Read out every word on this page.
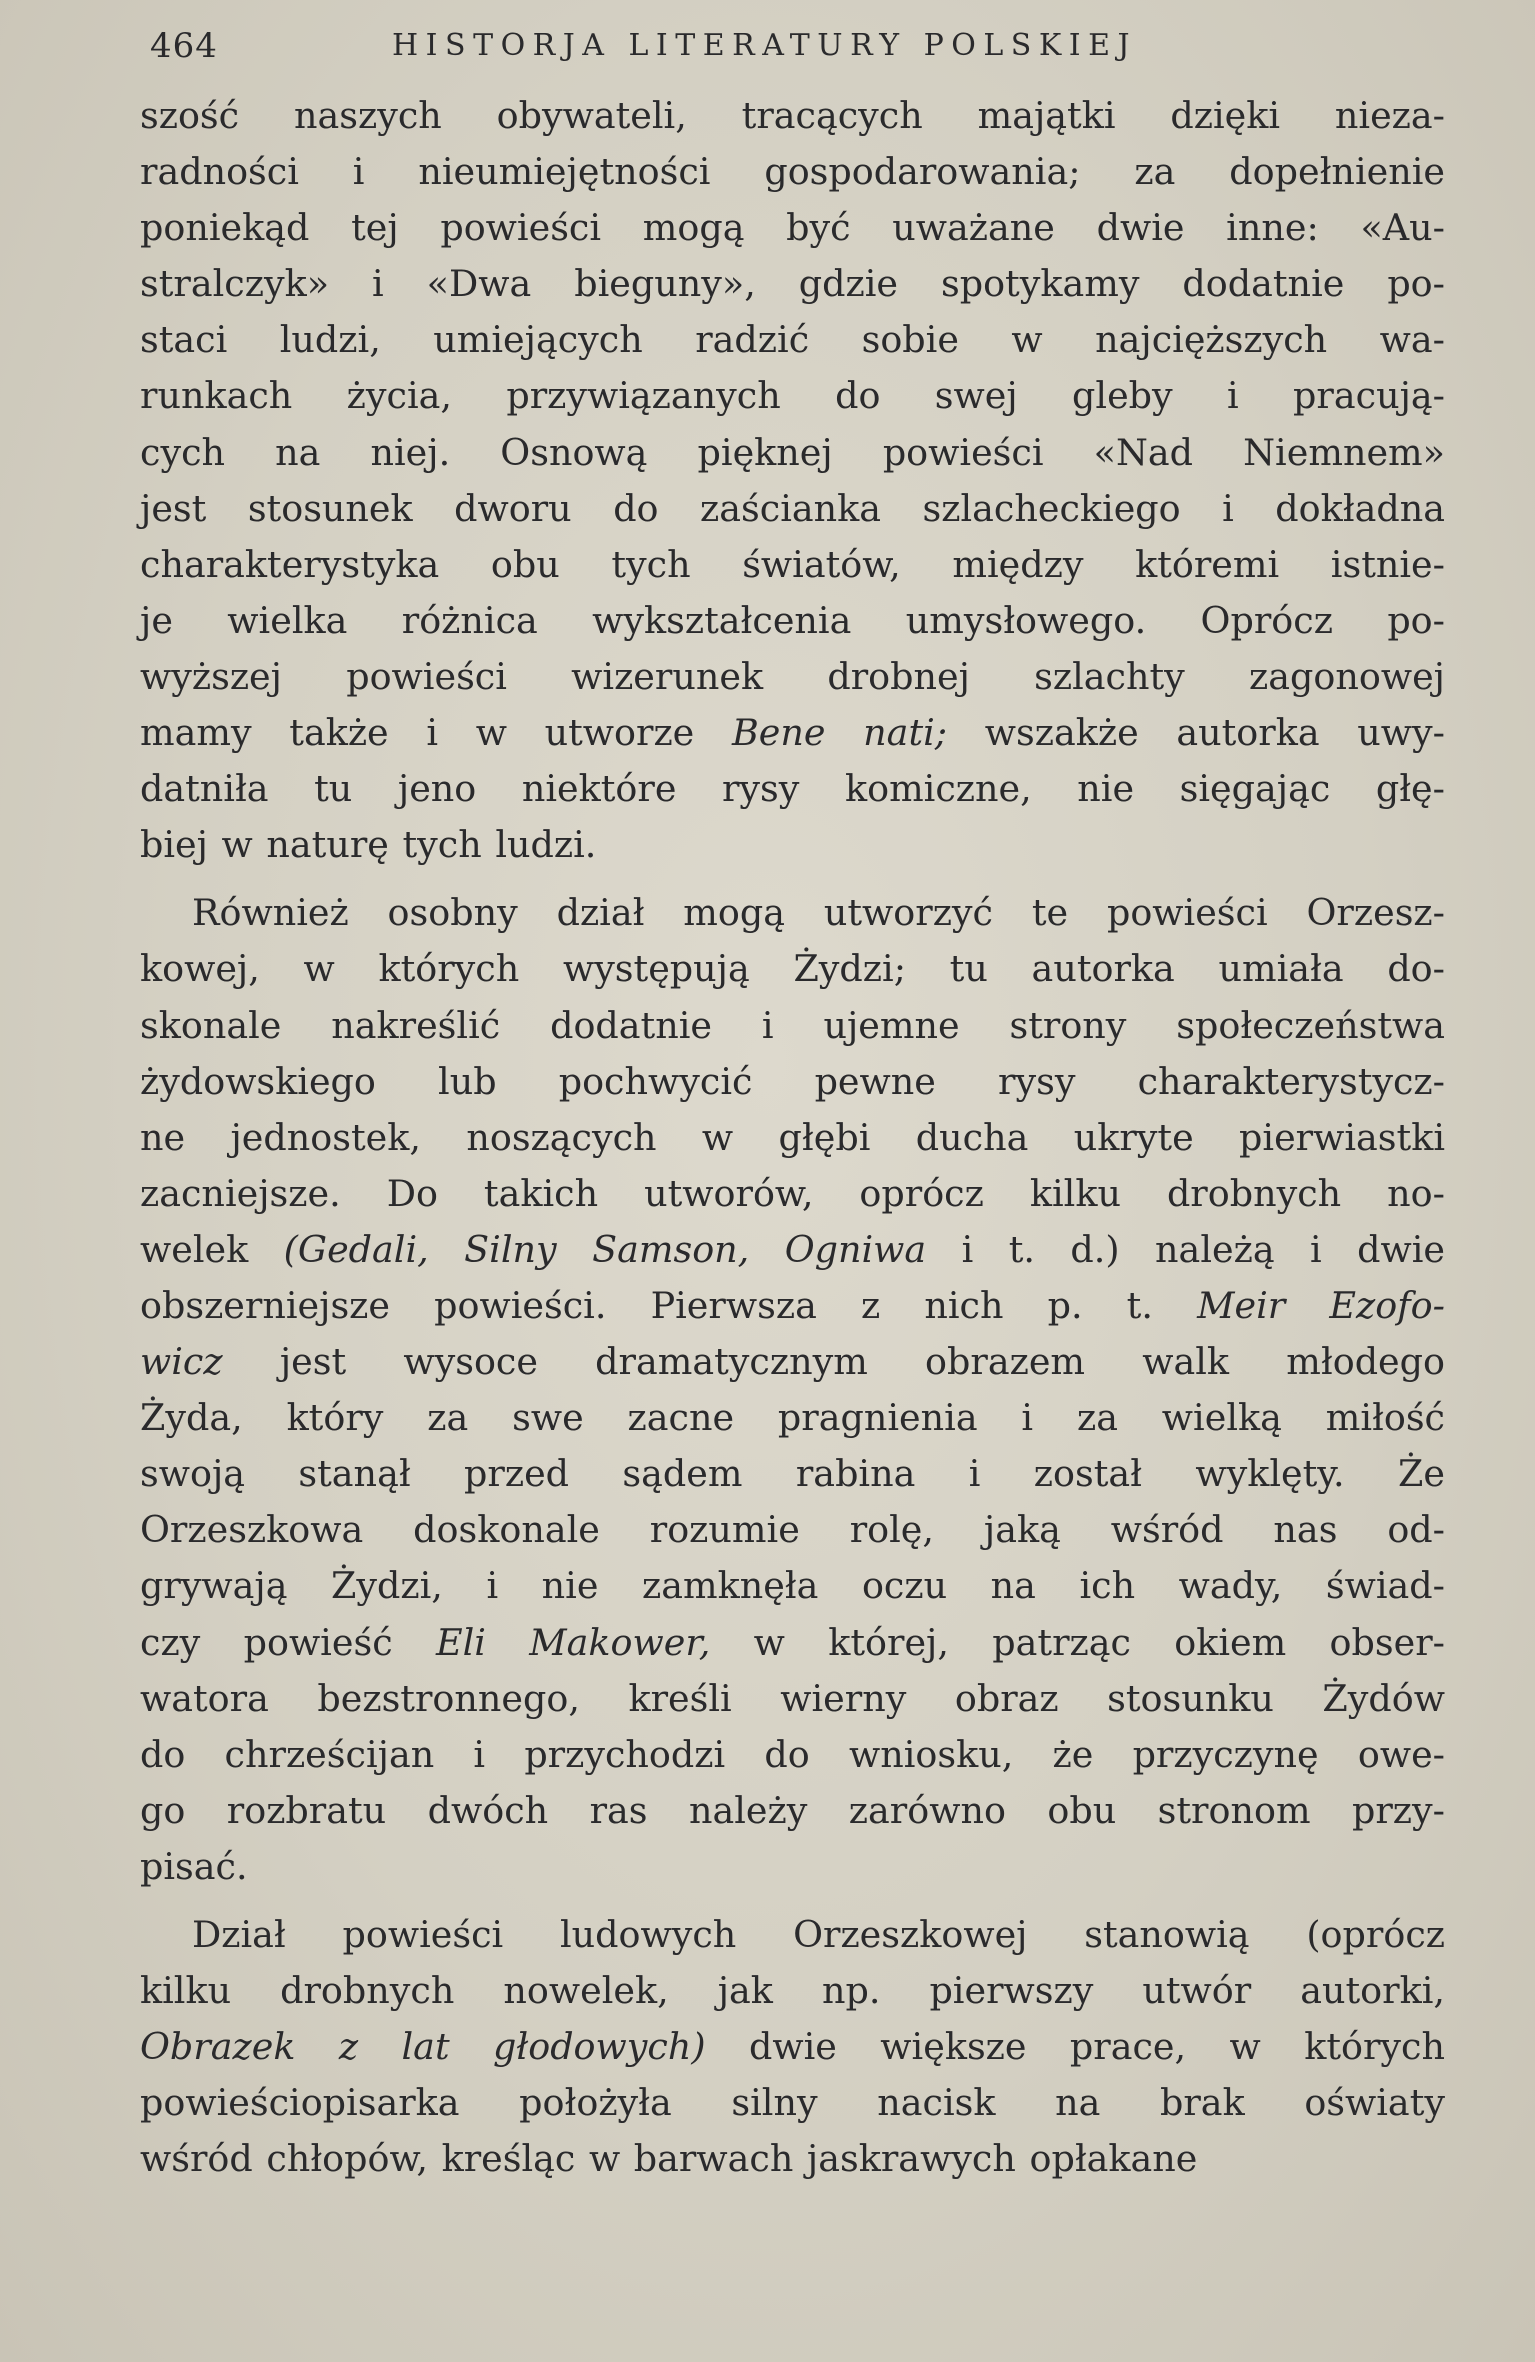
464	HISTORJA LITERATURY POLSKIEJ
szość naszych obywateli, tracących majątki dzięki nieza-
radności i nieumiejętności gospodarowania; za dopełnienie
poniekąd tej powieści mogą być uważane dwie inne: «Au-
stralczyk» i «Dwa bieguny», gdzie spotykamy dodatnie po-
staci ludzi, umiejących radzić sobie w najcięższych wa-
runkach życia, przywiązanych do swej gleby i pracują-
cych na niej. Osnową pięknej powieści «Nad Niemnem»
jest stosunek dworu do zaścianka szlacheckiego i dokładna
charakterystyka obu tych światów, między któremi istnie-
je wielka różnica wykształcenia umysłowego. Oprócz po-
wyższej powieści wizerunek drobnej szlachty zagonowej
mamy także i w utworze Bene nati; wszakże autorka uwy-
datniła tu jeno niektóre rysy komiczne, nie sięgając głę-
biej w naturę tych ludzi.
Również osobny dział mogą utworzyć te powieści Orzesz-
kowej, w których występują Żydzi; tu autorka umiała do-
skonale nakreślić dodatnie i ujemne strony społeczeństwa
żydowskiego lub pochwycić pewne rysy charakterystycz-
ne jednostek, noszących w głębi ducha ukryte pierwiastki
zacniejsze. Do takich utworów, oprócz kilku drobnych no-
welek (Gedali, Silny Samson, Ogniwa i t. d.) należą i dwie
obszerniejsze powieści. Pierwsza z nich p. t. Meir Ezofo-
wicz jest wysoce dramatycznym obrazem walk młodego
Żyda, który za swe zacne pragnienia i za wielką miłość
swoją stanął przed sądem rabina i został wyklęty. Że
Orzeszkowa doskonale rozumie rolę, jaką wśród nas od-
grywają Żydzi, i nie zamknęła oczu na ich wady, świad-
czy powieść Eli Makower, w której, patrząc okiem obser-
watora bezstronnego, kreśli wierny obraz stosunku Żydów
do chrześcijan i przychodzi do wniosku, że przyczynę owe-
go rozbratu dwóch ras należy zarówno obu stronom przy-
pisać.
Dział powieści ludowych Orzeszkowej stanowią (oprócz
kilku drobnych nowelek, jak np. pierwszy utwór autorki,
Obrazek z lat głodowych) dwie większe prace, w których
powieściopisarka położyła silny nacisk na brak oświaty
wśród chłopów, kreśląc w barwach jaskrawych opłakane
